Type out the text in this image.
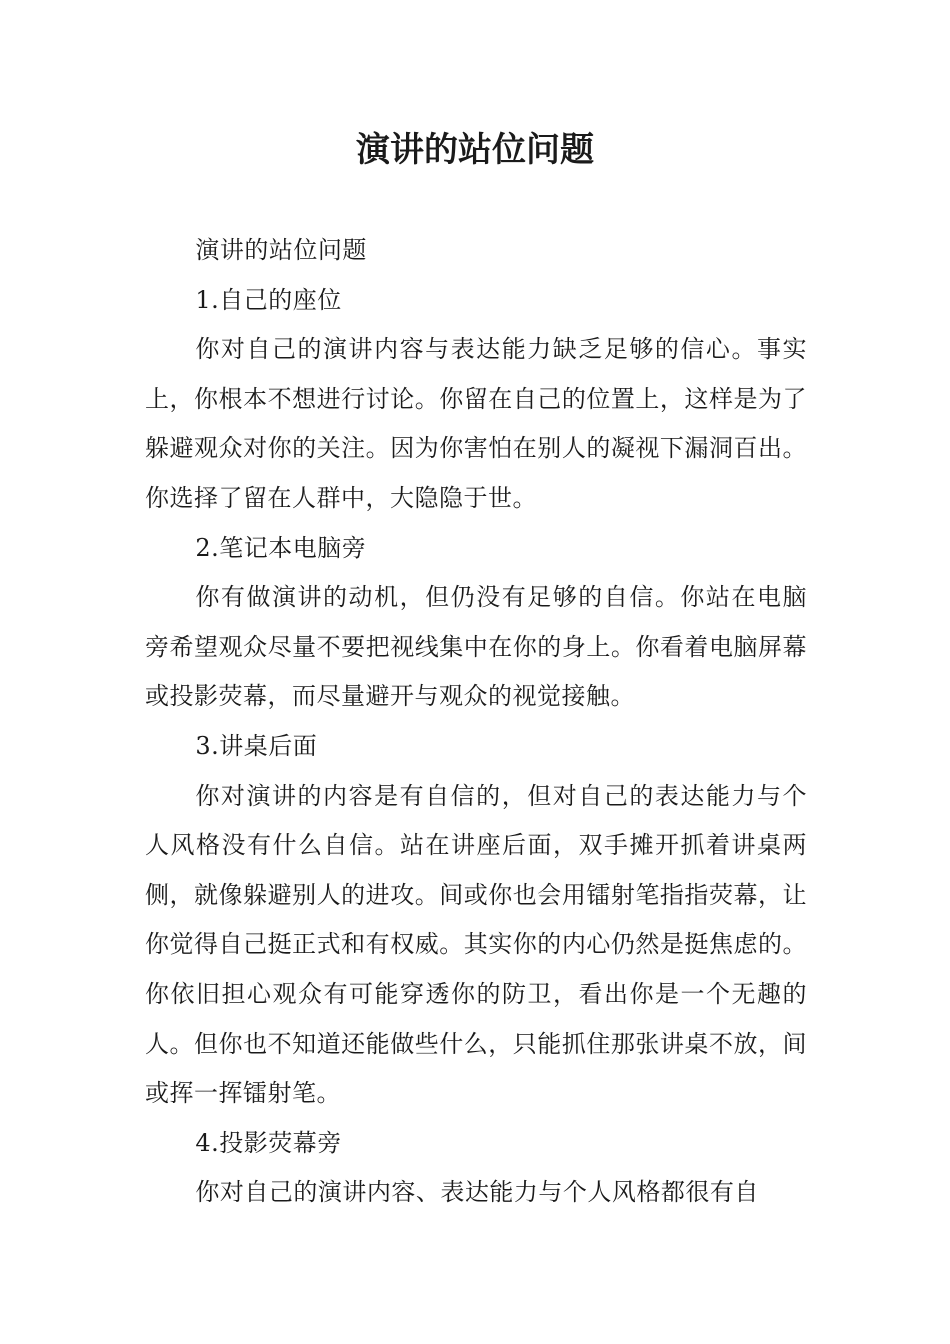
演讲的站位问题

演讲的站位问题

1.自己的座位

你对自己的演讲内容与表达能力缺乏足够的信心。事实上，你根本不想进行讨论。你留在自己的位置上，这样是为了躲避观众对你的关注。因为你害怕在别人的凝视下漏洞百出。你选择了留在人群中，大隐隐于世。

2.笔记本电脑旁

你有做演讲的动机，但仍没有足够的自信。你站在电脑旁希望观众尽量不要把视线集中在你的身上。你看着电脑屏幕或投影荧幕，而尽量避开与观众的视觉接触。

3.讲桌后面

你对演讲的内容是有自信的，但对自己的表达能力与个人风格没有什么自信。站在讲座后面，双手摊开抓着讲桌两侧，就像躲避别人的进攻。间或你也会用镭射笔指指荧幕，让你觉得自己挺正式和有权威。其实你的内心仍然是挺焦虑的。你依旧担心观众有可能穿透你的防卫，看出你是一个无趣的人。但你也不知道还能做些什么，只能抓住那张讲桌不放，间或挥一挥镭射笔。

4.投影荧幕旁

你对自己的演讲内容、表达能力与个人风格都很有自
